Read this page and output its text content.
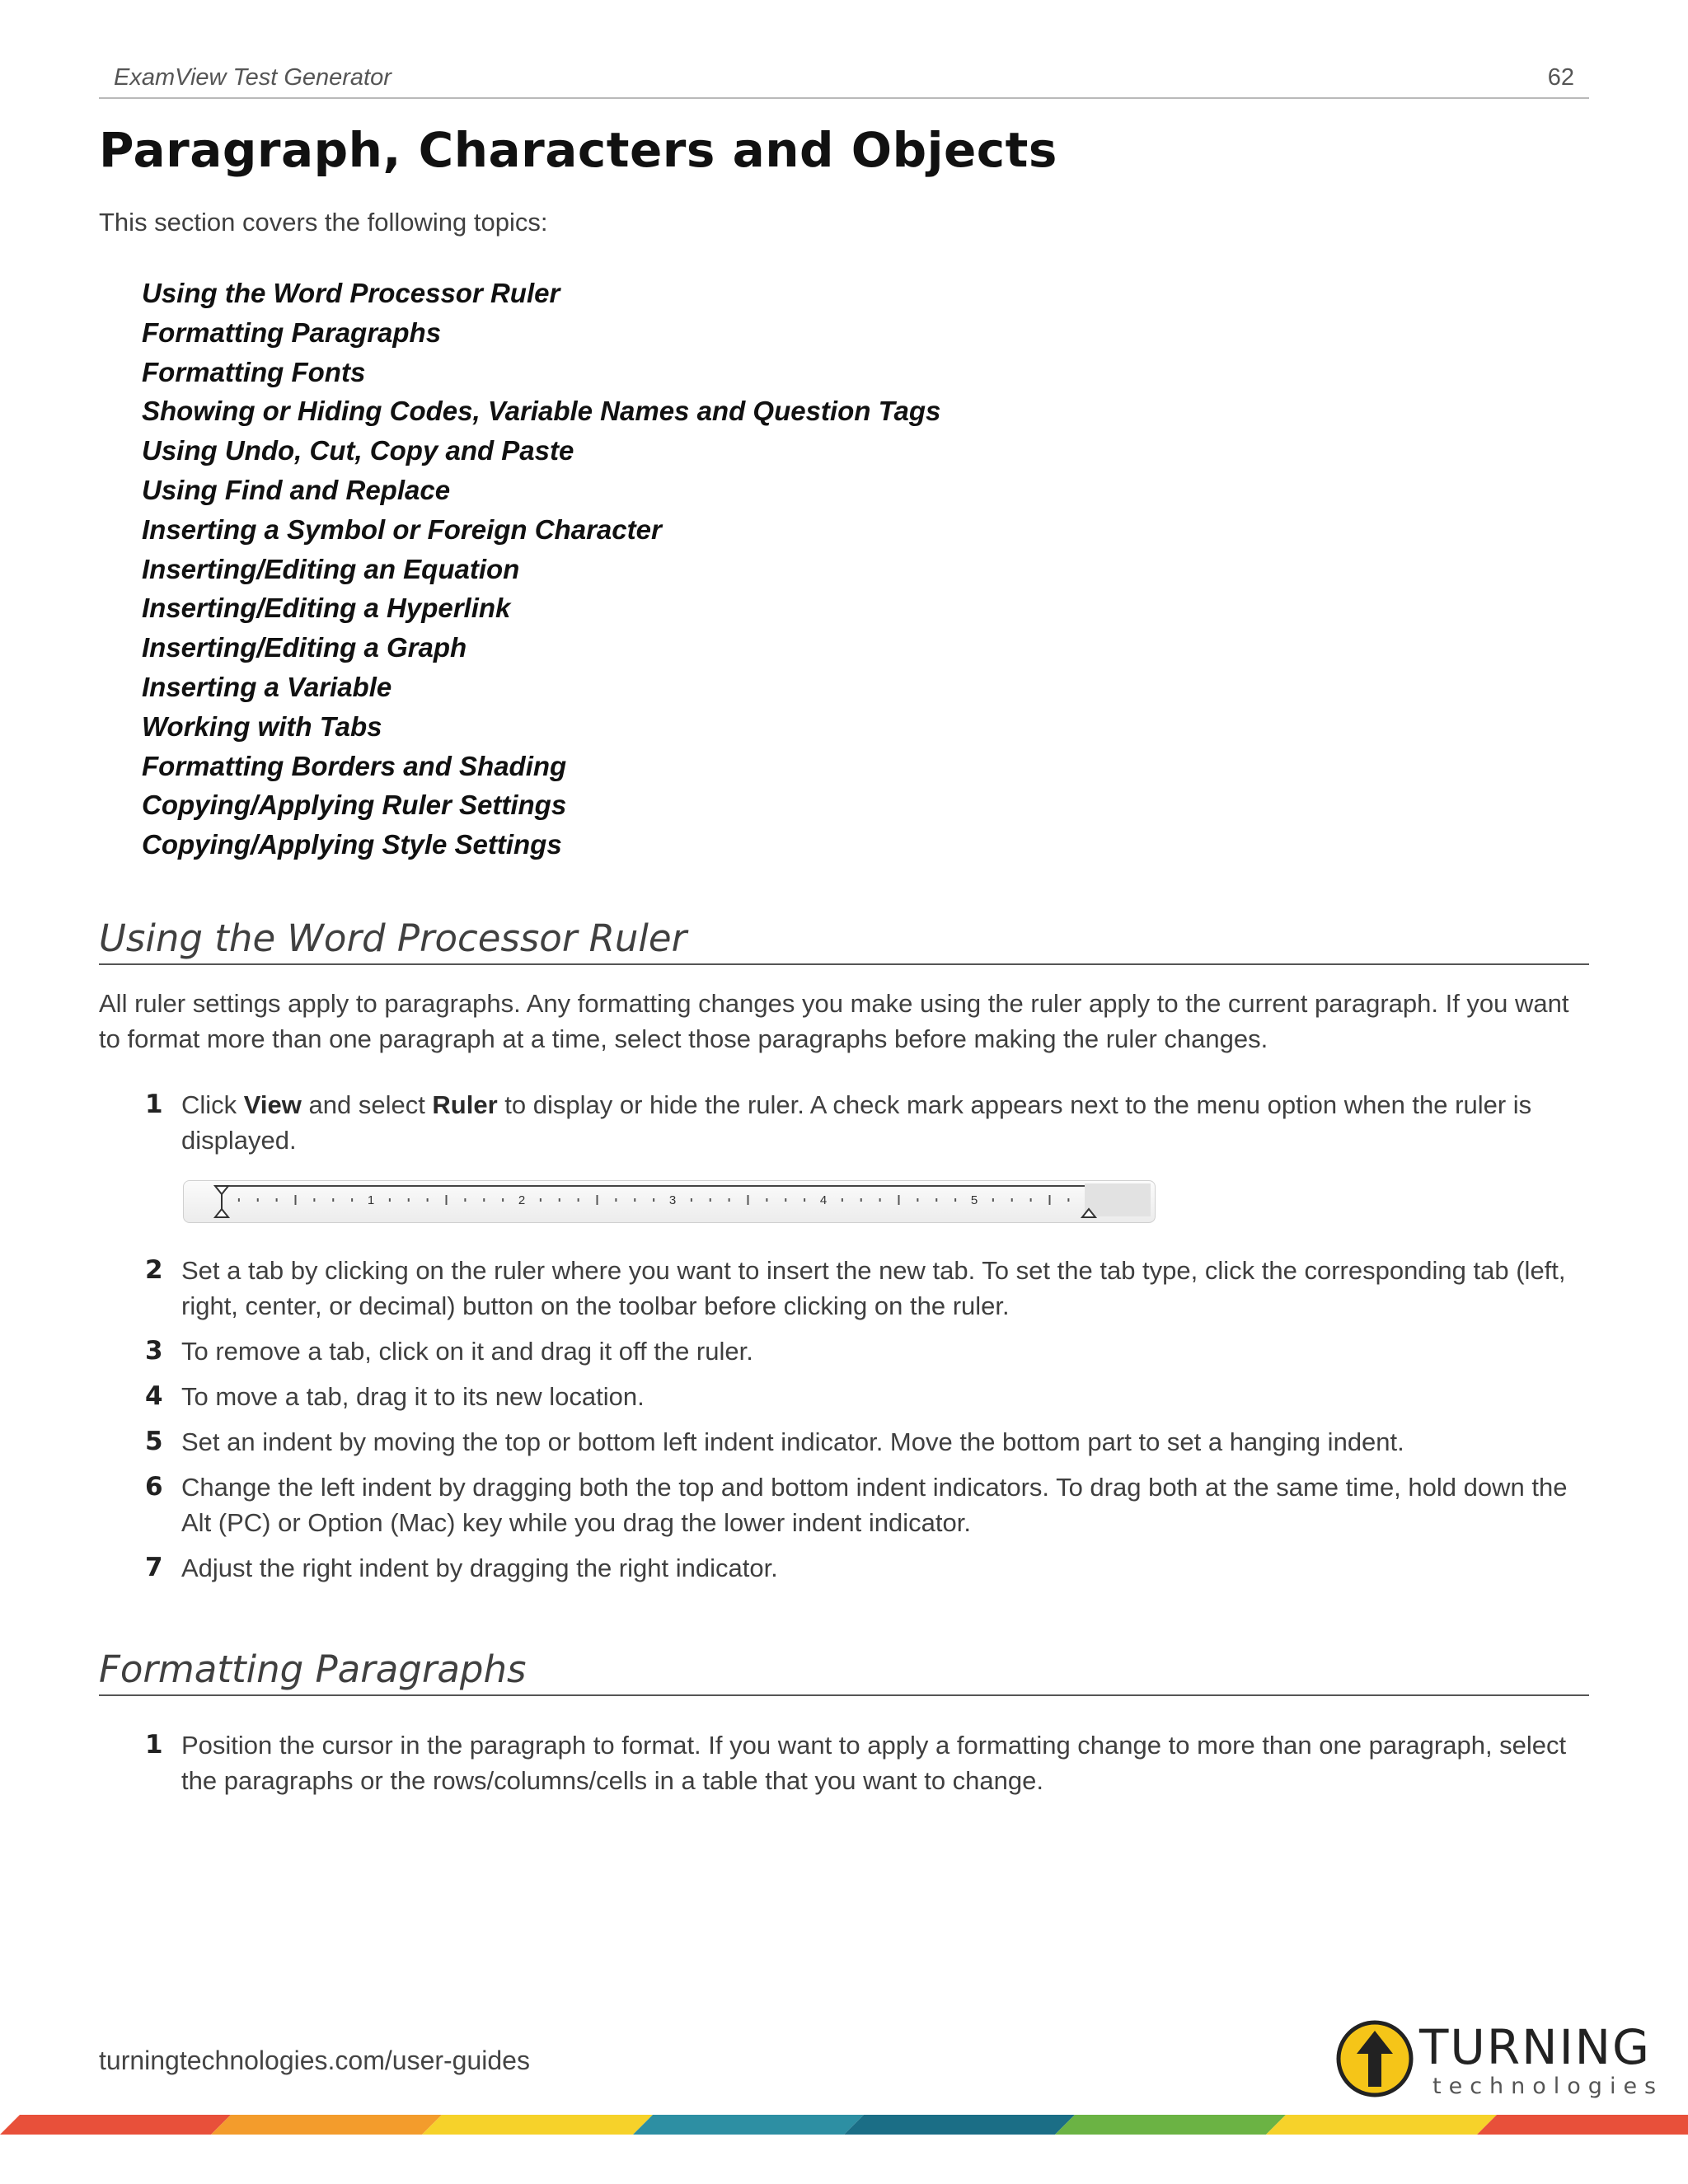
ExamView Test Generator	62
Paragraph, Characters and Objects

This section covers the following topics:

Using the Word Processor Ruler
Formatting Paragraphs
Formatting Fonts
Showing or Hiding Codes, Variable Names and Question Tags
Using Undo, Cut, Copy and Paste
Using Find and Replace
Inserting a Symbol or Foreign Character
Inserting/Editing an Equation
Inserting/Editing a Hyperlink
Inserting/Editing a Graph
Inserting a Variable
Working with Tabs
Formatting Borders and Shading
Copying/Applying Ruler Settings
Copying/Applying Style Settings
Using the Word Processor Ruler

All ruler settings apply to paragraphs. Any formatting changes you make using the ruler apply to the current paragraph. If you want to format more than one paragraph at a time, select those paragraphs before making the ruler changes.

1 Click View and select Ruler to display or hide the ruler. A check mark appears next to the menu option when the ruler is displayed.
1	2	3	4	5
2 Set a tab by clicking on the ruler where you want to insert the new tab. To set the tab type, click the corresponding tab (left, right, center, or decimal) button on the toolbar before clicking on the ruler.
3 To remove a tab, click on it and drag it off the ruler.
4 To move a tab, drag it to its new location.
5 Set an indent by moving the top or bottom left indent indicator. Move the bottom part to set a hanging indent.
6 Change the left indent by dragging both the top and bottom indent indicators. To drag both at the same time, hold down the Alt (PC) or Option (Mac) key while you drag the lower indent indicator.
7 Adjust the right indent by dragging the right indicator.
Formatting Paragraphs
1 Position the cursor in the paragraph to format. If you want to apply a formatting change to more than one paragraph, select the paragraphs or the rows/columns/cells in a table that you want to change.
turningtechnologies.com/user-guides	TURNING
technologies
